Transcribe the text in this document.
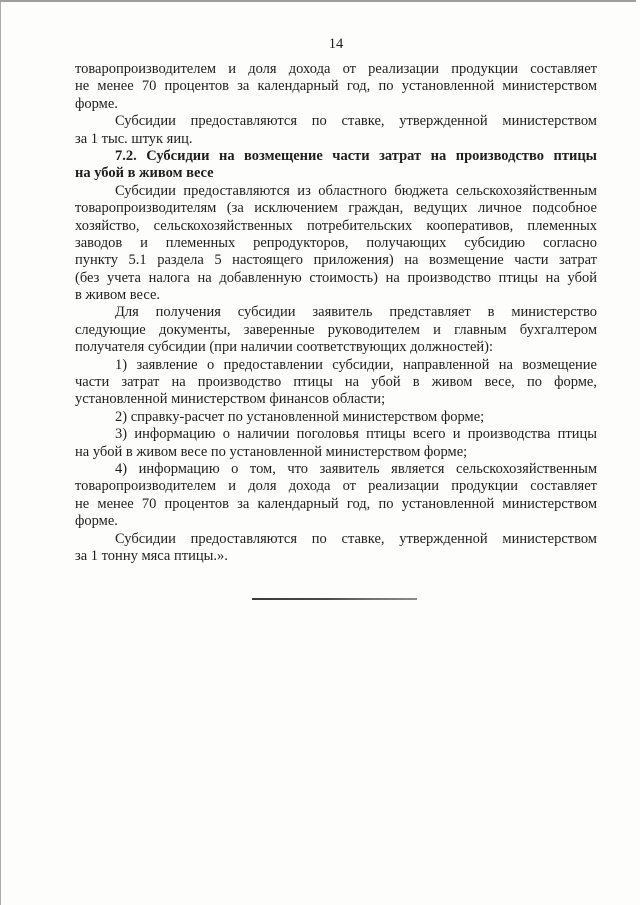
14
товаропроизводителем и доля дохода от реализации продукции составляет
не менее 70 процентов за календарный год, по установленной министерством
форме.
Субсидии предоставляются по ставке, утвержденной министерством
за 1 тыс. штук яиц.
7.2. Субсидии на возмещение части затрат на производство птицы
на убой в живом весе
Субсидии предоставляются из областного бюджета сельскохозяйственным
товаропроизводителям (за исключением граждан, ведущих личное подсобное
хозяйство, сельскохозяйственных потребительских кооперативов, племенных
заводов и племенных репродукторов, получающих субсидию согласно
пункту 5.1 раздела 5 настоящего приложения) на возмещение части затрат
(без учета налога на добавленную стоимость) на производство птицы на убой
в живом весе.
Для получения субсидии заявитель представляет в министерство
следующие документы, заверенные руководителем и главным бухгалтером
получателя субсидии (при наличии соответствующих должностей):
1) заявление о предоставлении субсидии, направленной на возмещение
части затрат на производство птицы на убой в живом весе, по форме,
установленной министерством финансов области;
2) справку-расчет по установленной министерством форме;
3) информацию о наличии поголовья птицы всего и производства птицы
на убой в живом весе по установленной министерством форме;
4) информацию о том, что заявитель является сельскохозяйственным
товаропроизводителем и доля дохода от реализации продукции составляет
не менее 70 процентов за календарный год, по установленной министерством
форме.
Субсидии предоставляются по ставке, утвержденной министерством
за 1 тонну мяса птицы.».
